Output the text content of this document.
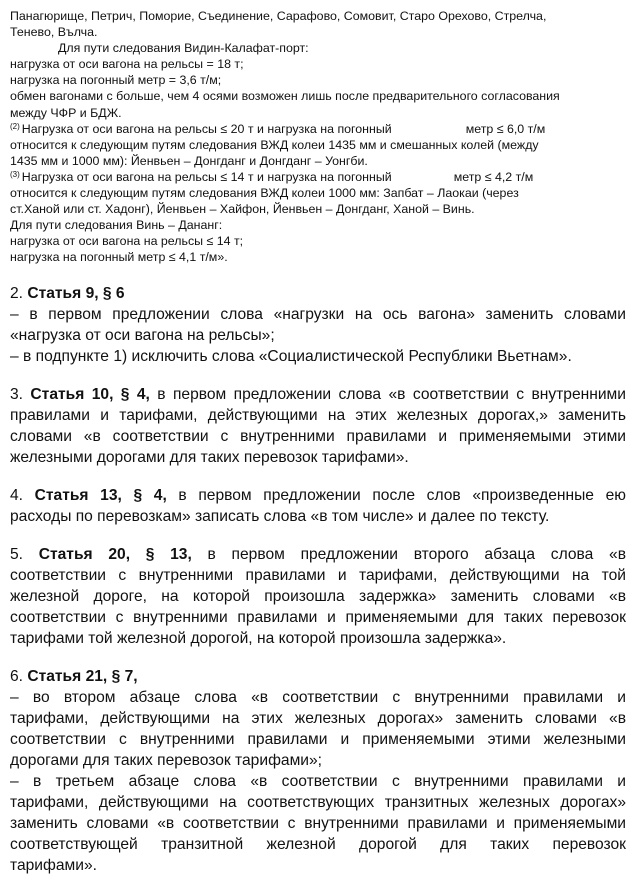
Панагюрище, Петрич, Поморие, Съединение, Сарафово, Сомовит, Старо Орехово, Стрелча,
Тенево, Вълча.
Для пути следования Видин-Калафат-порт:
нагрузка от оси вагона на рельсы = 18 т;
нагрузка на погонный метр = 3,6 т/м;
обмен вагонами с больше, чем 4 осями возможен лишь после предварительного согласования
между ЧФР и БДЖ.
$^{(2)}$ Нагрузка от оси вагона на рельсы ≤ 20 т и нагрузка на погонный	метр ≤ 6,0 т/м
относится к следующим путям следования ВЖД колеи 1435 мм и смешанных колей (между
1435 мм и 1000 мм): Йенвьен – Донгданг и Донгданг – Уонгби.
$^{(3)}$ Нагрузка от оси вагона на рельсы ≤ 14 т и нагрузка на погонный	метр ≤ 4,2 т/м
относится к следующим путям следования ВЖД колеи 1000 мм: Запбат – Лаокаи (через
ст.Ханой или ст. Хадонг), Йенвьен – Хайфон, Йенвьен – Донгданг, Ханой – Винь.
Для пути следования Винь – Дананг:
нагрузка от оси вагона на рельсы ≤ 14 т;
нагрузка на погонный метр ≤ 4,1 т/м».
2. Статья 9, § 6
– в первом предложении слова «нагрузки на ось вагона» заменить словами
«нагрузка от оси вагона на рельсы»;
– в подпункте 1) исключить слова «Социалистической Республики Вьетнам».
3. Статья 10, § 4, в первом предложении слова «в соответствии с внутренними
правилами и тарифами, действующими на этих железных дорогах,» заменить
словами «в соответствии с внутренними правилами и применяемыми этими
железными дорогами для таких перевозок тарифами».
4. Статья 13, § 4, в первом предложении после слов «произведенные ею
расходы по перевозкам» записать слова «в том числе» и далее по тексту.
5. Статья 20, § 13, в первом предложении второго абзаца слова «в
соответствии с внутренними правилами и тарифами, действующими на той
железной дороге, на которой произошла задержка» заменить словами «в
соответствии с внутренними правилами и применяемыми для таких перевозок
тарифами той железной дорогой, на которой произошла задержка».
6. Статья 21, § 7,
– во втором абзаце слова «в соответствии с внутренними правилами и
тарифами, действующими на этих железных дорогах» заменить словами «в
соответствии с внутренними правилами и применяемыми этими железными
дорогами для таких перевозок тарифами»;
– в третьем абзаце слова «в соответствии с внутренними правилами и
тарифами, действующими на соответствующих транзитных железных дорогах»
заменить словами «в соответствии с внутренними правилами и применяемыми
соответствующей транзитной железной дорогой для таких перевозок
тарифами».
